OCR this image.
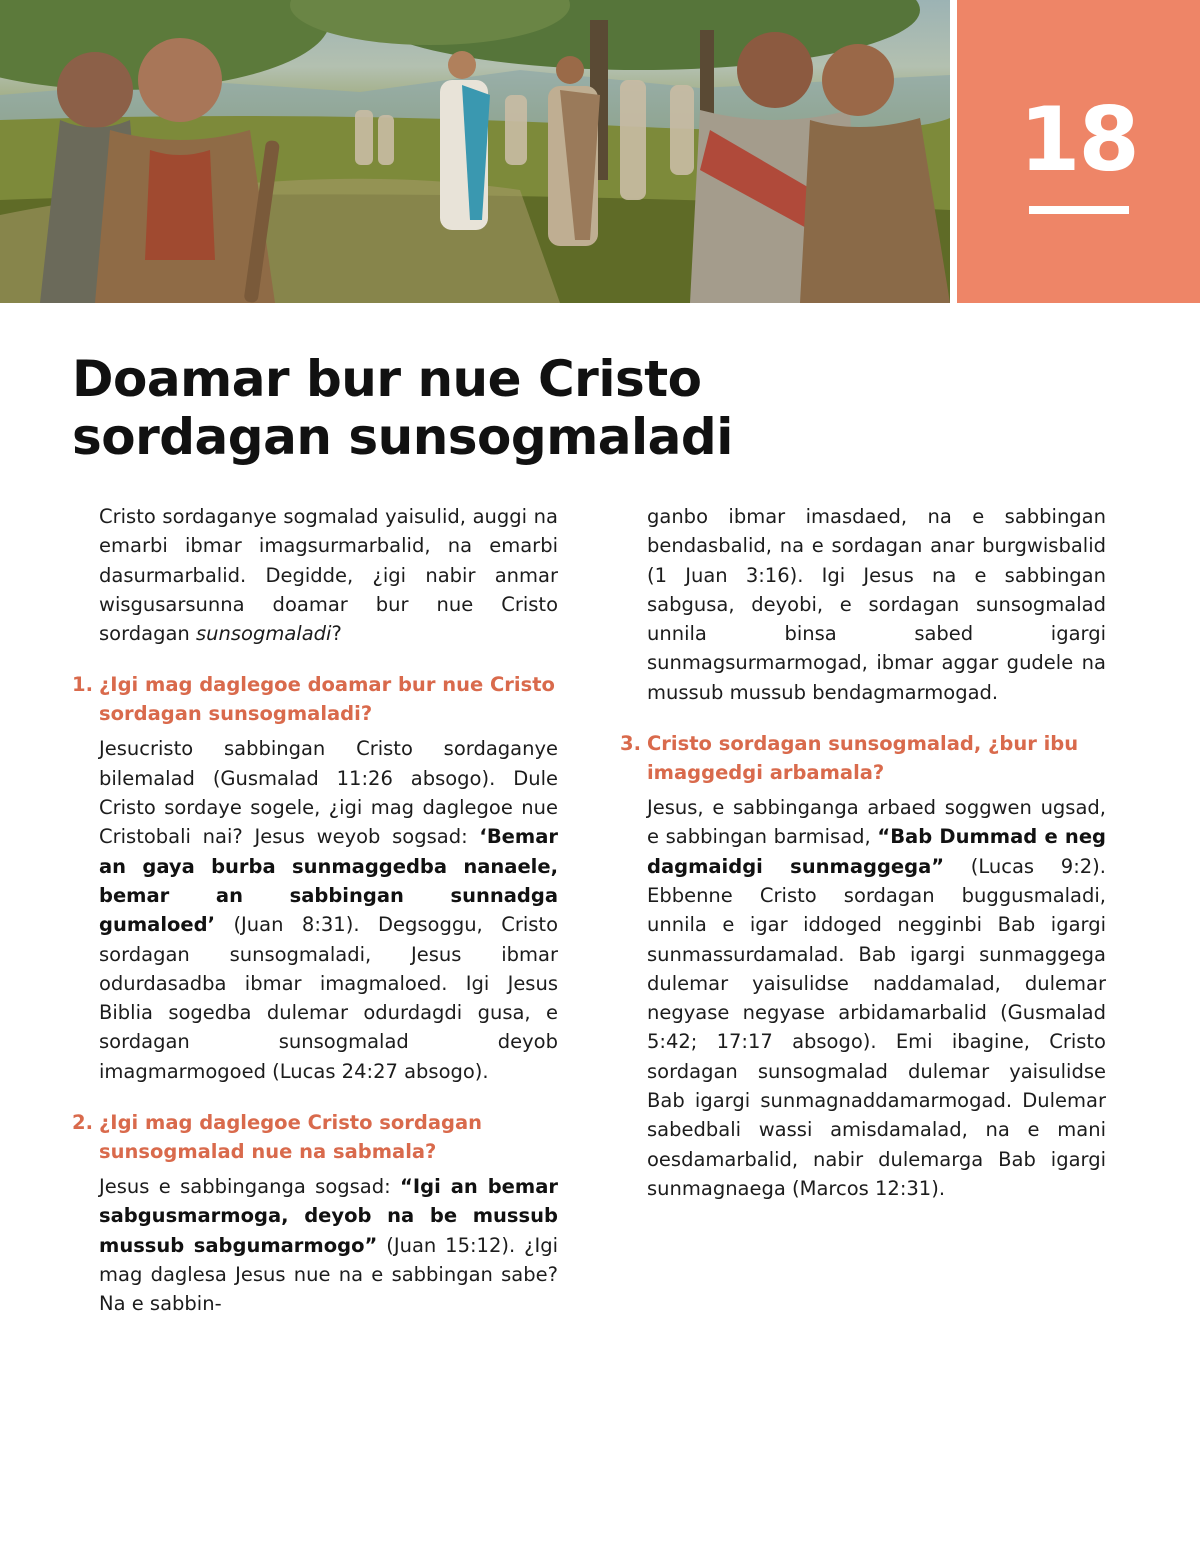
18
Doamar bur nue Cristo
sordagan sunsogmaladi

Cristo sordaganye sogmalad yaisulid, auggi na emarbi ibmar imagsurmarbalid, na emarbi dasurmarbalid. Degidde, ¿igi nabir anmar wisgusarsunna doamar bur nue Cristo sordagan sunsogmaladi?

1. ¿Igi mag daglegoe doamar bur nue Cristo sordagan sunsogmaladi?

Jesucristo sabbingan Cristo sordaganye bilemalad (Gusmalad 11:26 absogo). Dule Cristo sordaye sogele, ¿igi mag daglegoe nue Cristobali nai? Jesus weyob sogsad: ‘Bemar an gaya burba sunmaggedba nanaele, bemar an sabbingan sunnadga gumaloed’ (Juan 8:31). Degsoggu, Cristo sordagan sunsogmaladi, Jesus ibmar odurdasadba ibmar imagmaloed. Igi Jesus Biblia sogedba dulemar odurdagdi gusa, e sordagan sunsogmalad deyob imagmarmogoed (Lucas 24:27 absogo).

2. ¿Igi mag daglegoe Cristo sordagan sunsogmalad nue na sabmala?

Jesus e sabbinganga sogsad: “Igi an bemar sabgusmarmoga, deyob na be mussub mussub sabgumarmogo” (Juan 15:12). ¿Igi mag daglesa Jesus nue na e sabbingan sabe? Na e sabbin-

ganbo ibmar imasdaed, na e sabbingan bendasbalid, na e sordagan anar burgwisbalid (1 Juan 3:16). Igi Jesus na e sabbingan sabgusa, deyobi, e sordagan sunsogmalad unnila binsa sabed igargi sunmagsurmarmogad, ibmar aggar gudele na mussub mussub bendagmarmogad.

3. Cristo sordagan sunsogmalad, ¿bur ibu imaggedgi arbamala?

Jesus, e sabbinganga arbaed soggwen ugsad, e sabbingan barmisad, “Bab Dummad e neg dagmaidgi sunmaggega” (Lucas 9:2). Ebbenne Cristo sordagan buggusmaladi, unnila e igar iddoged negginbi Bab igargi sunmassurdamalad. Bab igargi sunmaggega dulemar yaisulidse naddamalad, dulemar negyase negyase arbidamarbalid (Gusmalad 5:42; 17:17 absogo). Emi ibagine, Cristo sordagan sunsogmalad dulemar yaisulidse Bab igargi sunmagnaddamarmogad. Dulemar sabedbali wassi amisdamalad, na e mani oesdamarbalid, nabir dulemarga Bab igargi sunmagnaega (Marcos 12:31).
